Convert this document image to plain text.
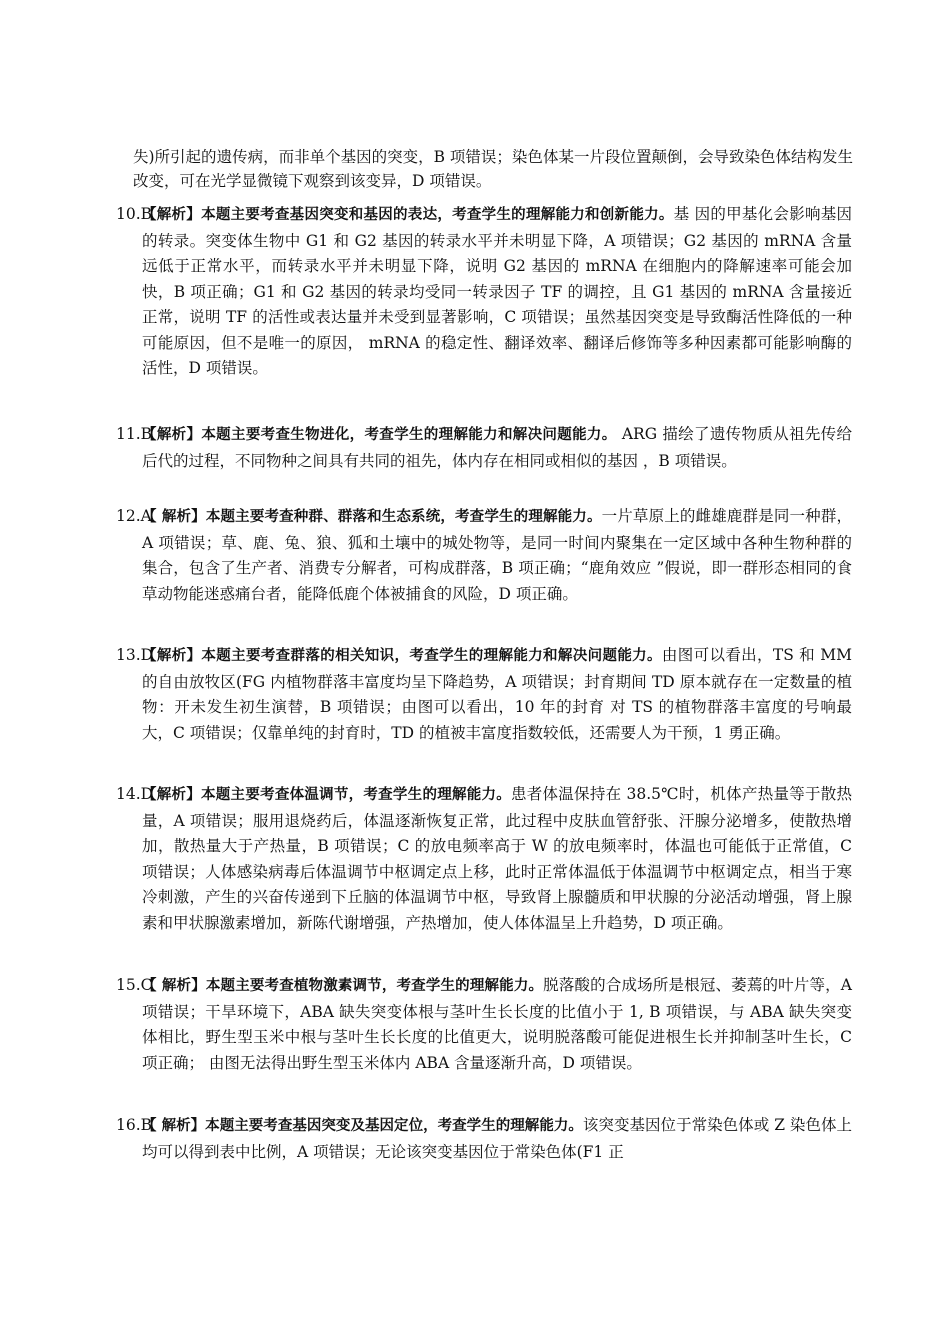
失)所引起的遗传病，而非单个基因的突变，B 项错误；染色体某一片段位置颠倒，会导致染色体结构发生改变，可在光学显微镜下观察到该变异，D 项错误。
10.B
【解析】本题主要考查基因突变和基因的表达，考查学生的理解能力和创新能力。基 因的甲基化会影响基因的转录。突变体生物中 G1 和 G2 基因的转录水平并未明显下降，A 项错误；G2 基因的 mRNA 含量远低于正常水平，而转录水平并未明显下降，说明 G2 基因的 mRNA 在细胞内的降解速率可能会加快，B 项正确；G1 和 G2 基因的转录均受同一转录因子 TF 的调控，且 G1 基因的 mRNA 含量接近正常，说明 TF 的活性或表达量并未受到显著影响，C 项错误；虽然基因突变是导致酶活性降低的一种可能原因，但不是唯一的原因， mRNA 的稳定性、翻译效率、翻译后修饰等多种因素都可能影响酶的活性，D 项错误。
11.B
【解析】本题主要考查生物进化，考查学生的理解能力和解决问题能力。 ARG 描绘了遗传物质从祖先传给后代的过程，不同物种之间具有共同的祖先，体内存在相同或相似的基因 ，B 项错误。
12.A
【 解析】本题主要考查种群、群落和生态系统，考查学生的理解能力。一片草原上的雌雄鹿群是同一种群，A 项错误；草、鹿、兔、狼、狐和土壤中的城处物等，是同一时间内聚集在一定区域中各种生物种群的集合，包含了生产者、消费专分解者，可构成群落，B 项正确；“鹿角效应 ”假说，即一群形态相同的食草动物能迷惑痛台者，能降低鹿个体被捕食的风险，D 项正确。
13.D
【解析】本题主要考查群落的相关知识，考查学生的理解能力和解决问题能力。由图可以看出，TS 和 MM 的自由放牧区(FG 内植物群落丰富度均呈下降趋势，A 项错误；封育期间 TD 原本就存在一定数量的植物：开未发生初生演替，B 项错误；由图可以看出，10 年的封育 对 TS 的植物群落丰富度的号响最大，C 项错误；仅靠单纯的封育时，TD 的植被丰富度指数较低，还需要人为干预，1 勇正确。
14.D
【解析】本题主要考查体温调节，考查学生的理解能力。患者体温保持在 38.5℃时，机体产热量等于散热量，A 项错误；服用退烧药后，体温逐渐恢复正常，此过程中皮肤血管舒张、汗腺分泌增多，使散热增加，散热量大于产热量，B 项错误；C 的放电频率高于 W 的放电频率时，体温也可能低于正常值，C 项错误；人体感染病毒后体温调节中枢调定点上移，此时正常体温低于体温调节中枢调定点，相当于寒冷刺激，产生的兴奋传递到下丘脑的体温调节中枢，导致肾上腺髓质和甲状腺的分泌活动增强，肾上腺素和甲状腺激素增加，新陈代谢增强，产热增加，使人体体温呈上升趋势，D 项正确。
15.C
【 解析】本题主要考查植物激素调节，考查学生的理解能力。脱落酸的合成场所是根冠、萎蔫的叶片等，A 项错误；干旱环境下，ABA 缺失突变体根与茎叶生长长度的比值小于 1, B 项错误，与 ABA 缺失突变体相比，野生型玉米中根与茎叶生长长度的比值更大，说明脱落酸可能促进根生长并抑制茎叶生长，C 项正确； 由图无法得出野生型玉米体内 ABA 含量逐渐升高，D 项错误。
16.B
【 解析】本题主要考查基因突变及基因定位，考查学生的理解能力。该突变基因位于常染色体或 Z 染色体上均可以得到表中比例，A 项错误；无论该突变基因位于常染色体(F1 正
